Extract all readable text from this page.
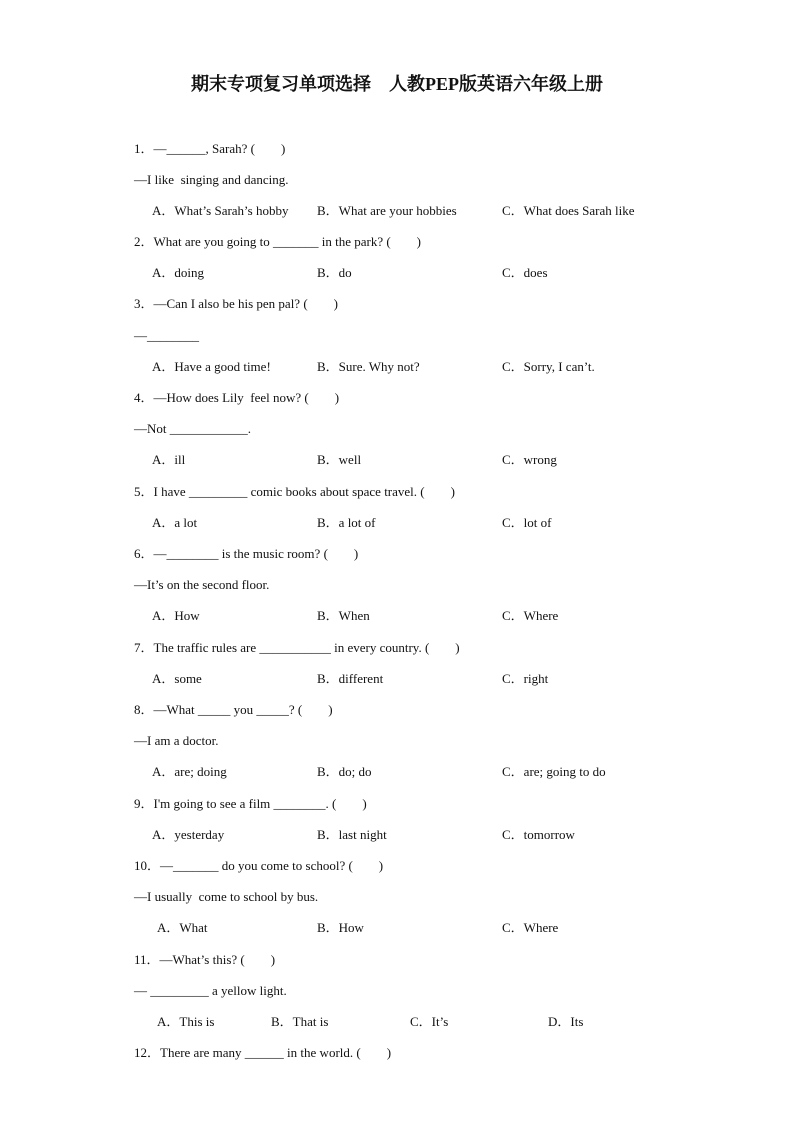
期末专项复习单项选择　人教PEP版英语六年级上册
1．—______, Sarah? (　　)
—I like  singing and dancing.
A．What’s Sarah’s hobby B．What are your hobbies	C．What does Sarah like
2．What are you going to _______ in the park? (　　)
A．doing	B．do	C．does
3．—Can I also be his pen pal? (　　)
—________
A．Have a good time!	B．Sure. Why not?	C．Sorry, I can’t.
4．—How does Lily  feel now? (　　)
—Not ____________.
A．ill	B．well	C．wrong
5．I have _________ comic books about space travel. (　　)
A．a lot	B．a lot of	C．lot of
6．—________ is the music room? (　　)
—It’s on the second floor.
A．How	B．When	C．Where
7．The traffic rules are ___________ in every country. (　　)
A．some	B．different	C．right
8．—What _____ you _____? (　　)
—I am a doctor.
A．are; doing	B．do; do	C．are; going to do
9．I'm going to see a film ________. (　　)
A．yesterday	B．last night	C．tomorrow
10．—_______ do you come to school? (　　)
—I usually  come to school by bus.
A．What	B．How	C．Where
11．—What’s this? (　　)
— _________ a yellow light.
A．This is	B．That is	C．It’s	D．Its
12．There are many ______ in the world. (　　)
